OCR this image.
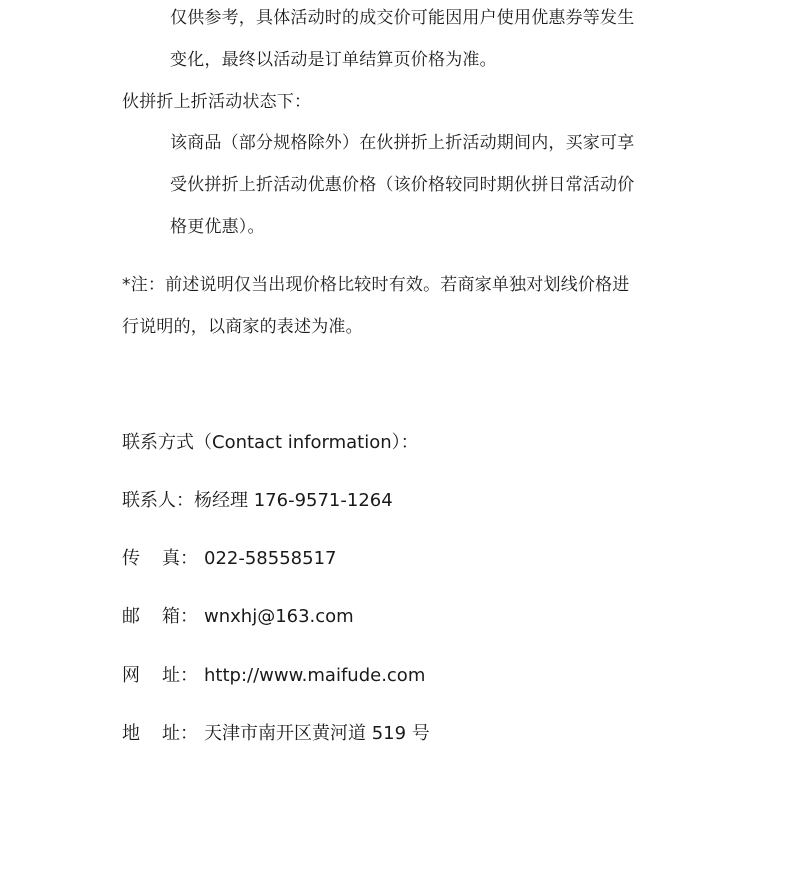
仅供参考，具体活动时的成交价可能因用户使用优惠券等发生
变化，最终以活动是订单结算页价格为准。
伙拼折上折活动状态下：
该商品（部分规格除外）在伙拼折上折活动期间内，买家可享
受伙拼折上折活动优惠价格（该价格较同时期伙拼日常活动价
格更优惠）。
*注：前述说明仅当出现价格比较时有效。若商家单独对划线价格进
行说明的，以商家的表述为准。
联系方式（Contact information）：
联系人：杨经理 176-9571-1264
传 真： 022-58558517
邮 箱： wnxhj@163.com
网 址： http://www.maifude.com
地 址： 天津市南开区黄河道 519 号
